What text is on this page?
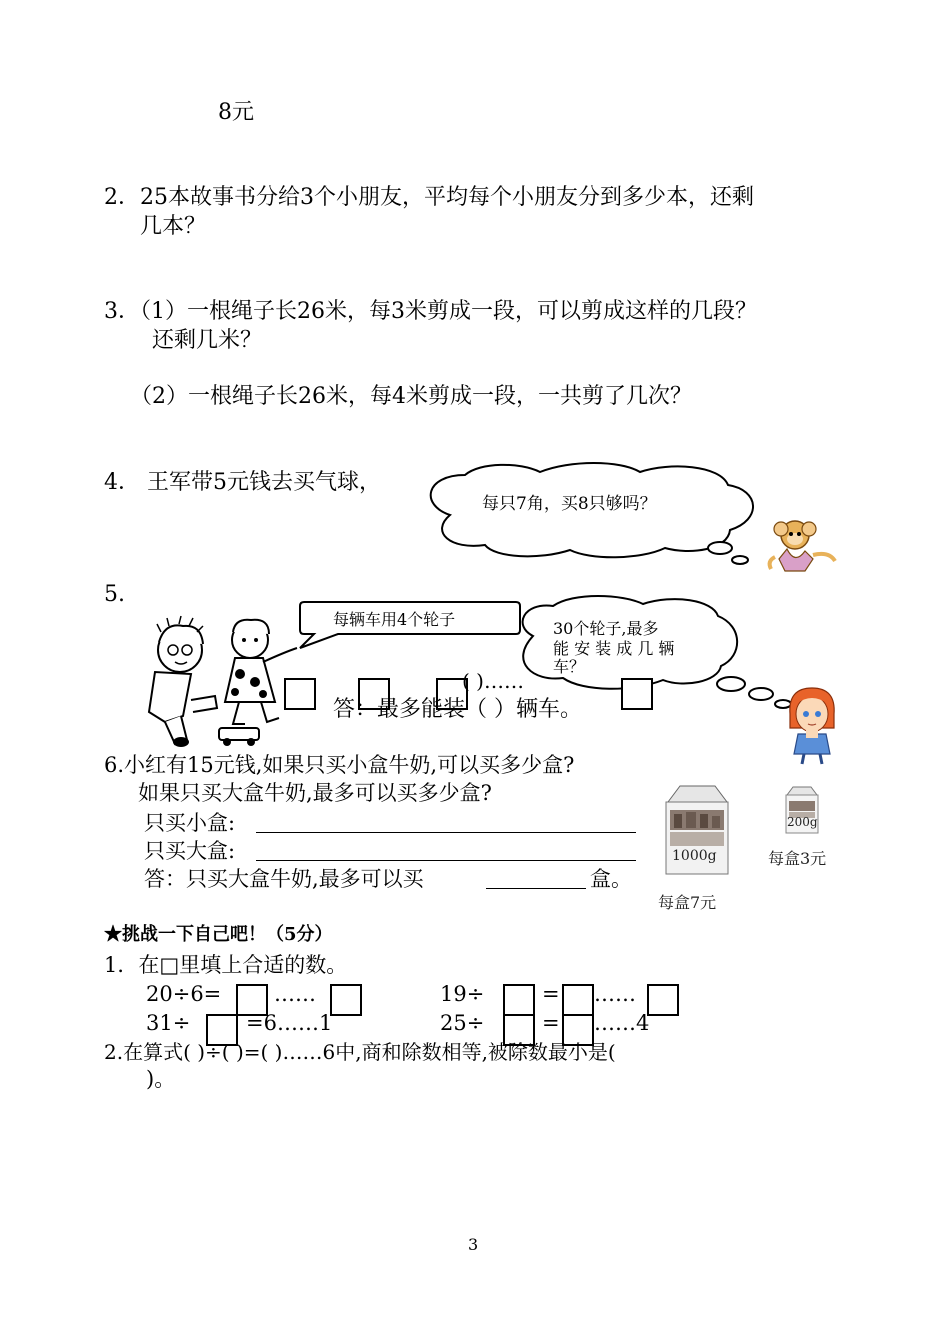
8元
2．25本故事书分给3个小朋友，平均每个小朋友分到多少本，还剩
几本？
3．（1）一根绳子长26米，每3米剪成一段，可以剪成这样的几段？
还剩几米？
（2）一根绳子长26米，每4米剪成一段，一共剪了几次？
4． 王军带5元钱去买气球，
每只7角，买8只够吗？
5.
每辆车用4个轮子	30个轮子,最多
能 安 装 成 几 辆
车？
( )……
答：最多能装（ ）辆车。
6.小红有15元钱,如果只买小盒牛奶,可以买多少盒?
如果只买大盒牛奶,最多可以买多少盒?
只买小盒:
只买大盒:
答：只买大盒牛奶,最多可以买	盒。
1000g
每盒7元
200g
每盒3元
★挑战一下自己吧！（5分）
1．在□里填上合适的数。
20÷6=	……	19÷	= ……
31÷	=6……1	25÷	= ……4
2.在算式( )÷( )=( )……6中,商和除数相等,被除数最小是(
)。
3
